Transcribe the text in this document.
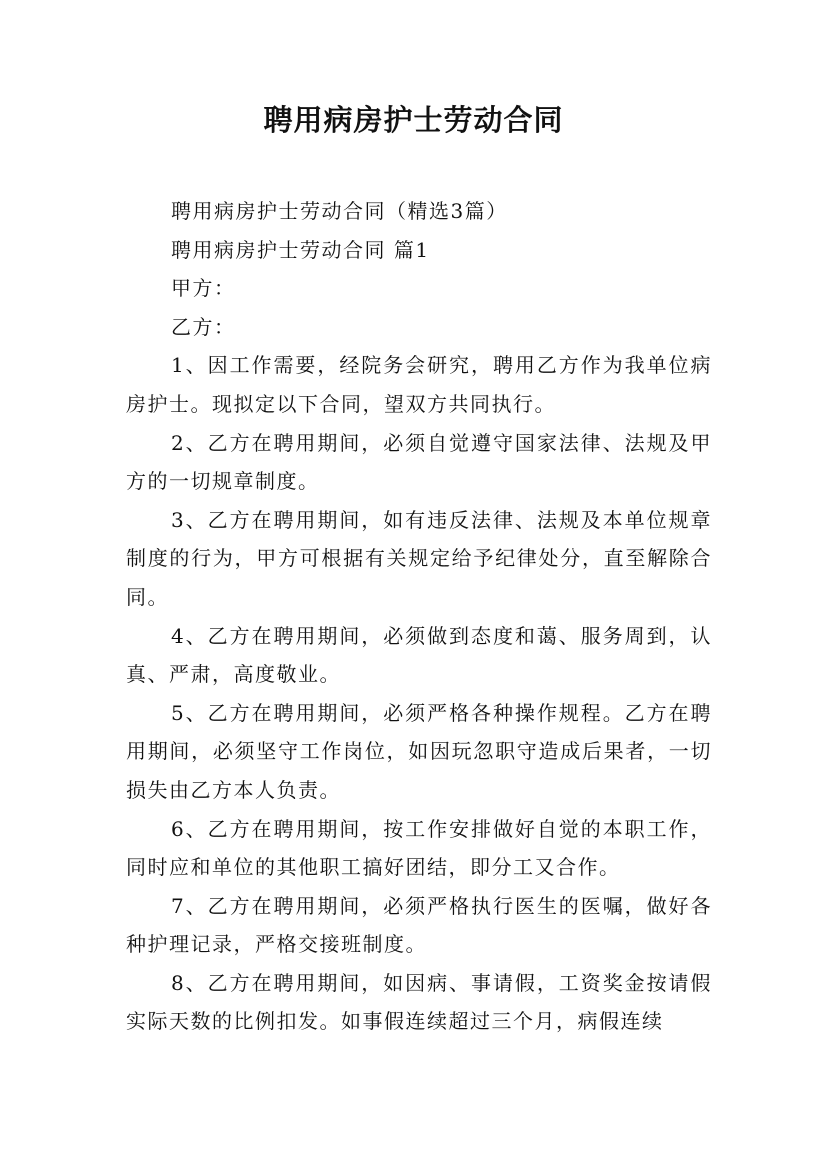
聘用病房护士劳动合同

聘用病房护士劳动合同（精选3篇）

聘用病房护士劳动合同 篇1

甲方：

乙方：

1、因工作需要，经院务会研究，聘用乙方作为我单位病房护士。现拟定以下合同，望双方共同执行。

2、乙方在聘用期间，必须自觉遵守国家法律、法规及甲方的一切规章制度。

3、乙方在聘用期间，如有违反法律、法规及本单位规章制度的行为，甲方可根据有关规定给予纪律处分，直至解除合同。

4、乙方在聘用期间，必须做到态度和蔼、服务周到，认真、严肃，高度敬业。

5、乙方在聘用期间，必须严格各种操作规程。乙方在聘用期间，必须坚守工作岗位，如因玩忽职守造成后果者，一切损失由乙方本人负责。

6、乙方在聘用期间，按工作安排做好自觉的本职工作，同时应和单位的其他职工搞好团结，即分工又合作。

7、乙方在聘用期间，必须严格执行医生的医嘱，做好各种护理记录，严格交接班制度。

8、乙方在聘用期间，如因病、事请假，工资奖金按请假实际天数的比例扣发。如事假连续超过三个月，病假连续
